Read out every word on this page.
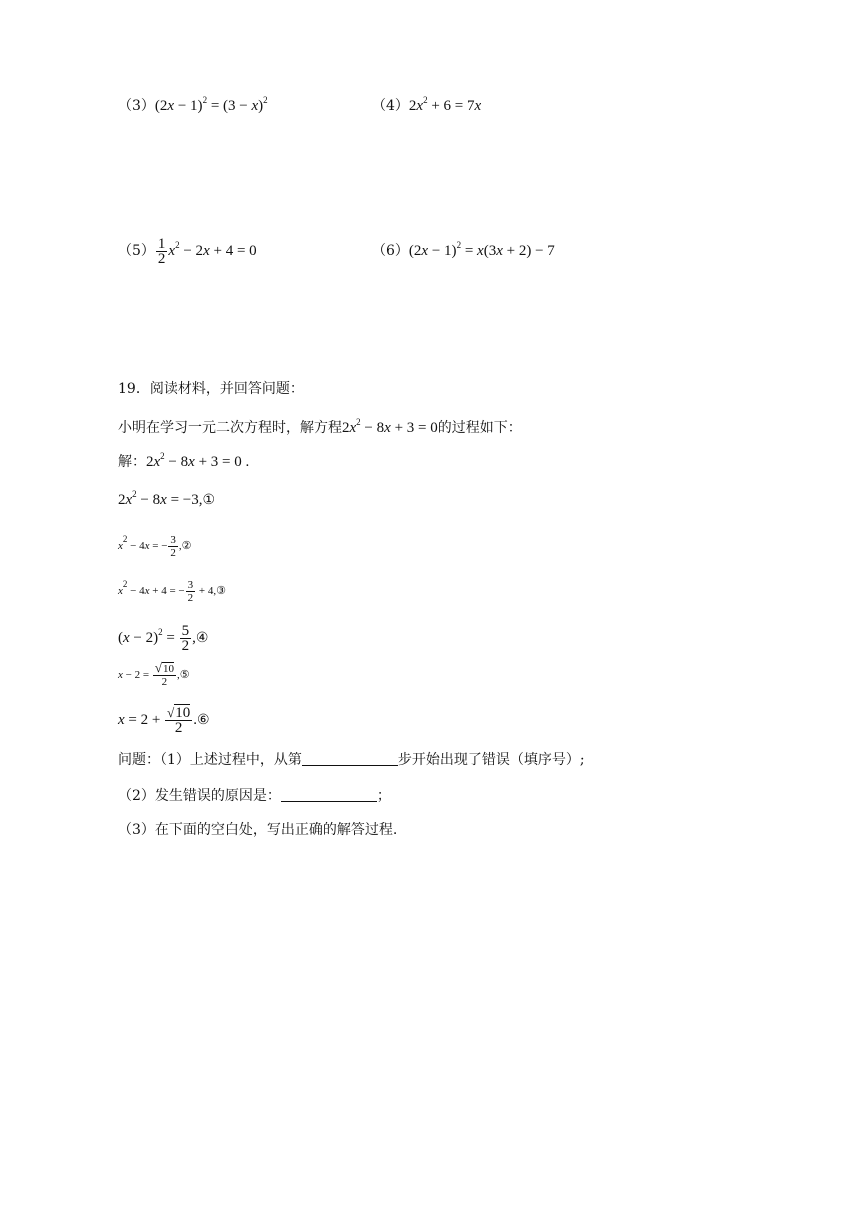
$(3)(2x - 1)^2 = (3 - x)^2$	$(4)2x^2 + 6 = 7x$
$(5) \frac{1}{2} x^2 - 2x + 4 = 0$	$(6)(2x - 1)^2 = x(3x + 2) - 7$
19．阅读材料，并回答问题：
小明在学习一元二次方程时，解方程$2x^2 - 8x + 3 = 0$的过程如下：
解：$2x^2 - 8x + 3 = 0$ .
$2x^2 - 8x$ = −3,①
$x^2 - 4x$ = − $\frac{3}{2}$ ,②
$x^2 - 4x + 4$ = − $\frac{3}{2}$ + 4,③
$(x - 2)^2 = \frac{5}{2}$ ,④
$x - 2 = \frac{√10}{2}$ ,⑤
$x = 2 + \frac{√10}{2}$ .⑥
问题：（1）上述过程中，从第	步开始出现了错误（填序号）;
（2）发生错误的原因是：	；
（3）在下面的空白处，写出正确的解答过程.
